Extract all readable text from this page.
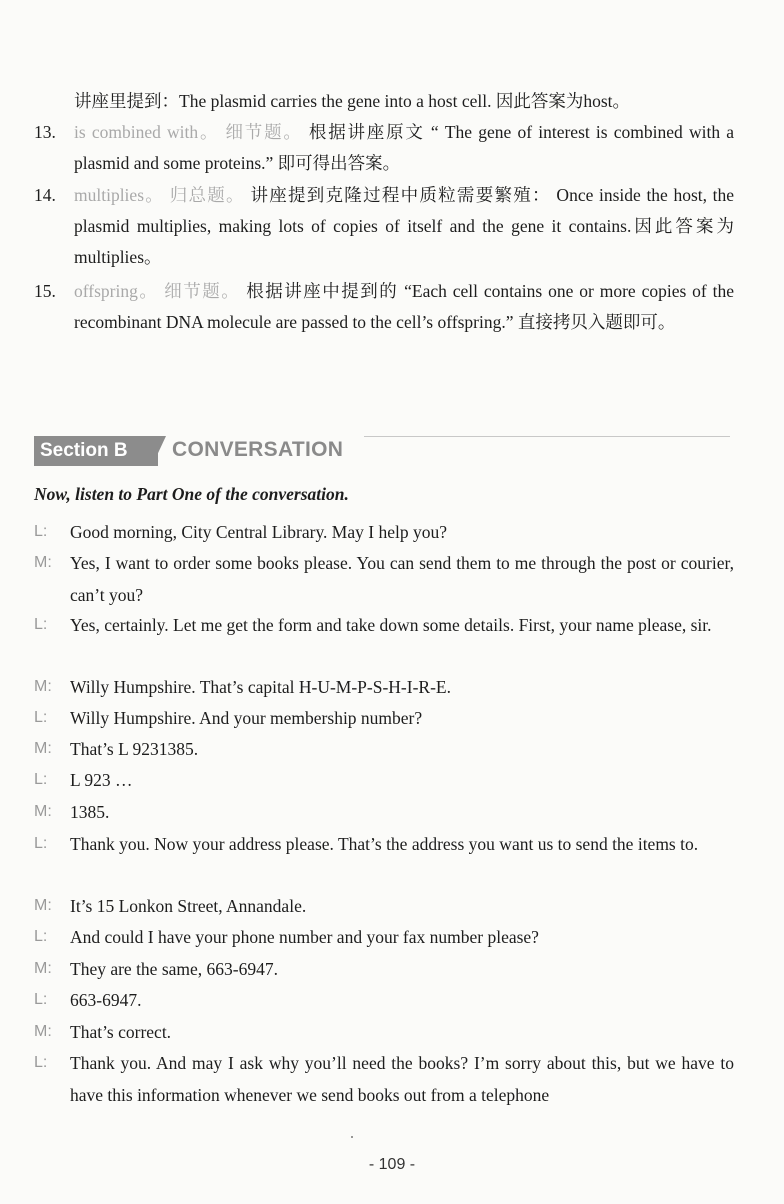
讲座里提到：The plasmid carries the gene into a host cell. 因此答案为host。
13.	is combined with。 细节题。 根据讲座原文 “ The gene of interest is combined with a plasmid and some proteins.” 即可得出答案。
14.	multiplies。 归总题。 讲座提到克隆过程中质粒需要繁殖： Once inside the host, the plasmid multiplies, making lots of copies of itself and the gene it contains.因此答案为multiplies。
15.	offspring。 细节题。 根据讲座中提到的 “Each cell contains one or more copies of the recombinant DNA molecule are passed to the cell’s offspring.” 直接拷贝入题即可。
Section B	CONVERSATION
Now, listen to Part One of the conversation.
L:	Good morning, City Central Library. May I help you?
M:	Yes, I want to order some books please. You can send them to me through the post or courier, can’t you?
L:	Yes, certainly. Let me get the form and take down some details. First, your name please, sir.
M:	Willy Humpshire. That’s capital H-U-M-P-S-H-I-R-E.
L:	Willy Humpshire. And your membership number?
M:	That’s L 9231385.
L:	L 923 …
M:	1385.
L:	Thank you. Now your address please. That’s the address you want us to send the items to.
M:	It’s 15 Lonkon Street, Annandale.
L:	And could I have your phone number and your fax number please?
M:	They are the same, 663-6947.
L:	663-6947.
M:	That’s correct.
L:	Thank you. And may I ask why you’ll need the books? I’m sorry about this, but we have to have this information whenever we send books out from a telephone
- 109 -
